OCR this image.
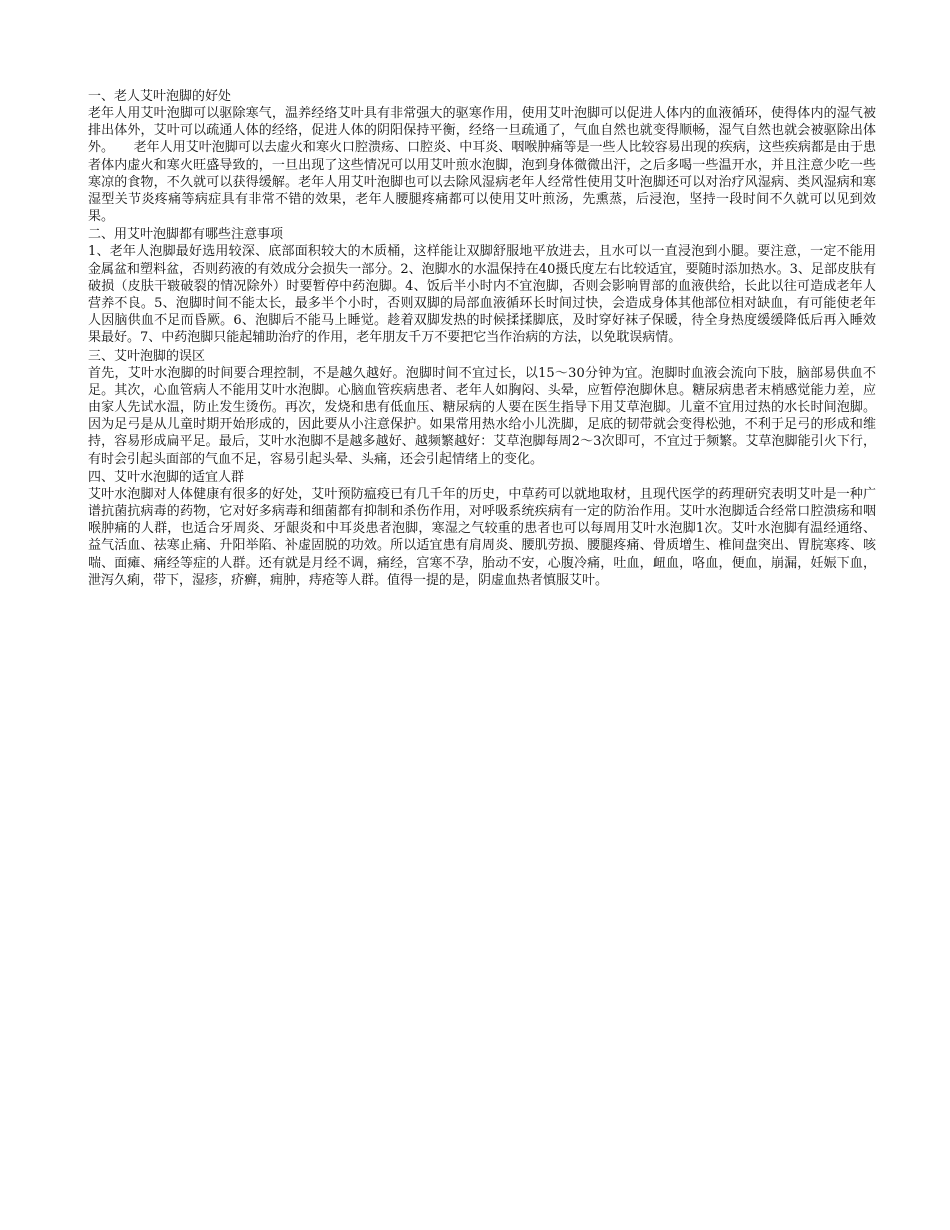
一、老人艾叶泡脚的好处

老年人用艾叶泡脚可以驱除寒气，温养经络艾叶具有非常强大的驱寒作用，使用艾叶泡脚可以促进人体内的血液循环，使得体内的湿气被排出体外，艾叶可以疏通人体的经络，促进人体的阴阳保持平衡，经络一旦疏通了，气血自然也就变得顺畅，湿气自然也就会被驱除出体外。　　老年人用艾叶泡脚可以去虚火和寒火口腔溃疡、口腔炎、中耳炎、咽喉肿痛等是一些人比较容易出现的疾病，这些疾病都是由于患者体内虚火和寒火旺盛导致的，一旦出现了这些情况可以用艾叶煎水泡脚，泡到身体微微出汗，之后多喝一些温开水，并且注意少吃一些寒凉的食物，不久就可以获得缓解。老年人用艾叶泡脚也可以去除风湿病老年人经常性使用艾叶泡脚还可以对治疗风湿病、类风湿病和寒湿型关节炎疼痛等病症具有非常不错的效果，老年人腰腿疼痛都可以使用艾叶煎汤，先熏蒸，后浸泡，坚持一段时间不久就可以见到效果。

二、用艾叶泡脚都有哪些注意事项

1、老年人泡脚最好选用较深、底部面积较大的木质桶，这样能让双脚舒服地平放进去，且水可以一直浸泡到小腿。要注意，一定不能用金属盆和塑料盆，否则药液的有效成分会损失一部分。2、泡脚水的水温保持在40摄氏度左右比较适宜，要随时添加热水。3、足部皮肤有破损（皮肤干皲破裂的情况除外）时要暂停中药泡脚。4、饭后半小时内不宜泡脚，否则会影响胃部的血液供给，长此以往可造成老年人营养不良。5、泡脚时间不能太长，最多半个小时，否则双脚的局部血液循环长时间过快，会造成身体其他部位相对缺血，有可能使老年人因脑供血不足而昏厥。6、泡脚后不能马上睡觉。趁着双脚发热的时候揉揉脚底，及时穿好袜子保暖，待全身热度缓缓降低后再入睡效果最好。7、中药泡脚只能起辅助治疗的作用，老年朋友千万不要把它当作治病的方法，以免耽误病情。

三、艾叶泡脚的误区

首先，艾叶水泡脚的时间要合理控制，不是越久越好。泡脚时间不宜过长，以15～30分钟为宜。泡脚时血液会流向下肢，脑部易供血不足。其次，心血管病人不能用艾叶水泡脚。心脑血管疾病患者、老年人如胸闷、头晕，应暂停泡脚休息。糖尿病患者末梢感觉能力差，应由家人先试水温，防止发生烫伤。再次，发烧和患有低血压、糖尿病的人要在医生指导下用艾草泡脚。儿童不宜用过热的水长时间泡脚。因为足弓是从儿童时期开始形成的，因此要从小注意保护。如果常用热水给小儿洗脚，足底的韧带就会变得松弛，不利于足弓的形成和维持，容易形成扁平足。最后，艾叶水泡脚不是越多越好、越频繁越好：艾草泡脚每周2～3次即可，不宜过于频繁。艾草泡脚能引火下行，有时会引起头面部的气血不足，容易引起头晕、头痛，还会引起情绪上的变化。

四、艾叶水泡脚的适宜人群

艾叶水泡脚对人体健康有很多的好处，艾叶预防瘟疫已有几千年的历史，中草药可以就地取材，且现代医学的药理研究表明艾叶是一种广谱抗菌抗病毒的药物，它对好多病毒和细菌都有抑制和杀伤作用，对呼吸系统疾病有一定的防治作用。艾叶水泡脚适合经常口腔溃疡和咽喉肿痛的人群，也适合牙周炎、牙龈炎和中耳炎患者泡脚，寒湿之气较重的患者也可以每周用艾叶水泡脚1次。艾叶水泡脚有温经通络、益气活血、祛寒止痛、升阳举陷、补虚固脱的功效。所以适宜患有肩周炎、腰肌劳损、腰腿疼痛、骨质增生、椎间盘突出、胃脘寒疼、咳喘、面瘫、痛经等症的人群。还有就是月经不调，痛经，宫寒不孕，胎动不安，心腹冷痛，吐血，衄血，咯血，便血，崩漏，妊娠下血，泄泻久痢，带下，湿疹，疥癣，痈肿，痔疮等人群。值得一提的是，阴虚血热者慎服艾叶。
